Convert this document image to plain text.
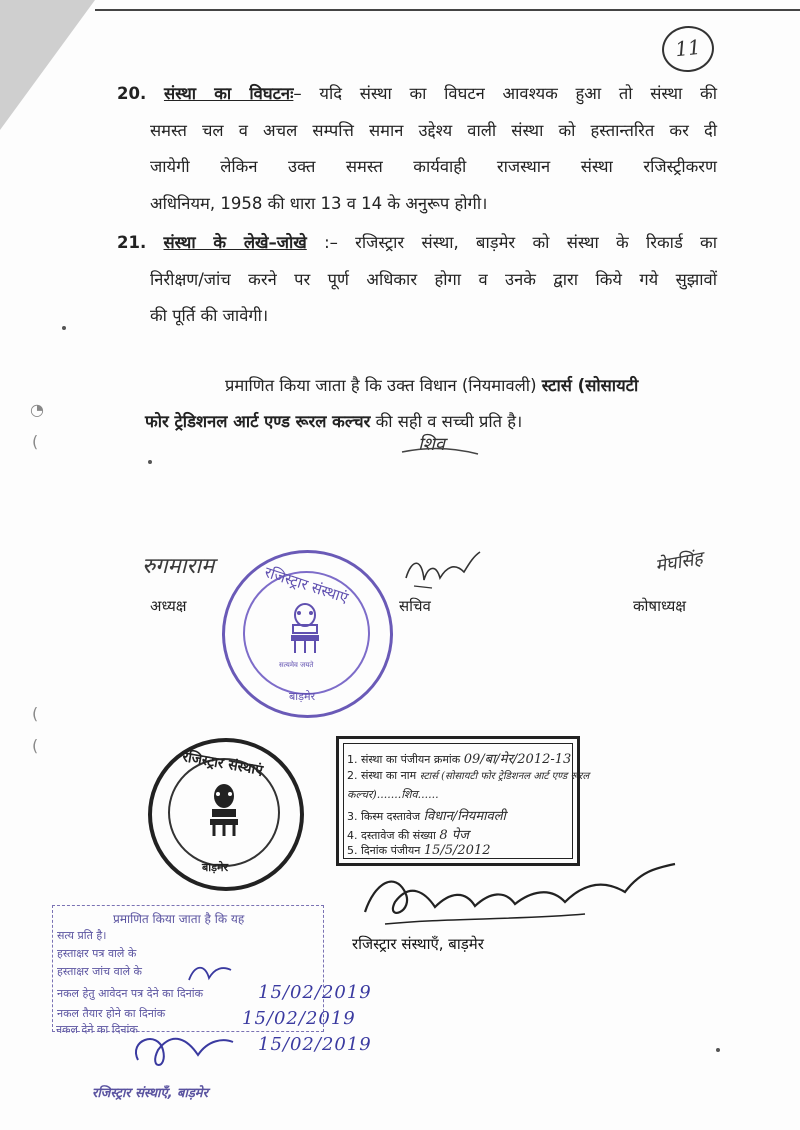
11
20. संस्था का विघटनः– यदि संस्था का विघटन आवश्यक हुआ तो संस्था की
समस्त चल व अचल सम्पत्ति समान उद्देश्य वाली संस्था को हस्तान्तरित कर दी
जायेगी लेकिन उक्त समस्त कार्यवाही राजस्थान संस्था रजिस्ट्रीकरण
अधिनियम, 1958 की धारा 13 व 14 के अनुरूप होगी।
21. संस्था के लेखे–जोखे :– रजिस्ट्रार संस्था, बाड़मेर को संस्था के रिकार्ड का
निरीक्षण/जांच करने पर पूर्ण अधिकार होगा व उनके द्वारा किये गये सुझावों
की पूर्ति की जावेगी।
प्रमाणित किया जाता है कि उक्त विधान (नियमावली) स्टार्स (सोसायटी
फोर ट्रेडिशनल आर्ट एण्ड रूरल कल्चर की सही व सच्ची प्रति है।
शिव
रुगमाराम
अध्यक्ष	सचिव
मेघसिंह
कोषाध्यक्ष
रजिस्ट्रार संस्थाएं
सत्यमेव जयते
बाड़मेर
रजिस्ट्रार संस्थाएं
बाड़मेर
1. संस्था का पंजीयन क्रमांक 09/बा/मेर/2012-13
2. संस्था का नाम स्टार्स (सोसायटी फोर ट्रेडिशनल आर्ट एण्ड रूरल
कल्चर).......शिव......
3. किस्म दस्तावेज विधान/नियमावली
4. दस्तावेज की संख्या 8 पेज
5. दिनांक पंजीयन 15/5/2012
रजिस्ट्रार संस्थाएँ, बाड़मेर
प्रमाणित किया जाता है कि यह
सत्य प्रति है।
हस्ताक्षर पत्र वाले के
हस्ताक्षर जांच वाले के
नकल हेतु आवेदन पत्र देने का दिनांक
नकल तैयार होने का दिनांक
नकल देने का दिनांक
15/02/2019
15/02/2019
15/02/2019
रजिस्ट्रार संस्थाएँ, बाड़मेर
◔
(
(
(
